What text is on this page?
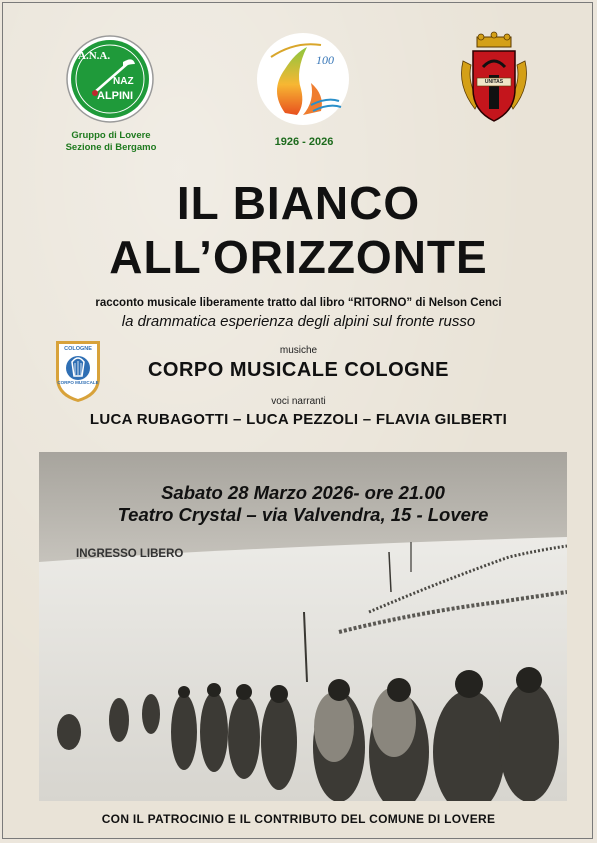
A.N.A.
NAZ
ALPINI
Gruppo di Lovere
Sezione di Bergamo
100
1926 - 2026
UNITAS
IL BIANCO
ALL’ORIZZONTE
racconto musicale liberamente tratto dal libro “RITORNO” di Nelson Cenci
la drammatica esperienza degli alpini sul fronte russo
COLOGNE
CORPO MUSICALE
musiche
CORPO MUSICALE COLOGNE
voci narranti
LUCA RUBAGOTTI – LUCA PEZZOLI – FLAVIA GILBERTI
Sabato 28 Marzo 2026- ore 21.00
Teatro Crystal – via Valvendra, 15 - Lovere
INGRESSO LIBERO
CON IL PATROCINIO E IL CONTRIBUTO DEL COMUNE DI LOVERE
